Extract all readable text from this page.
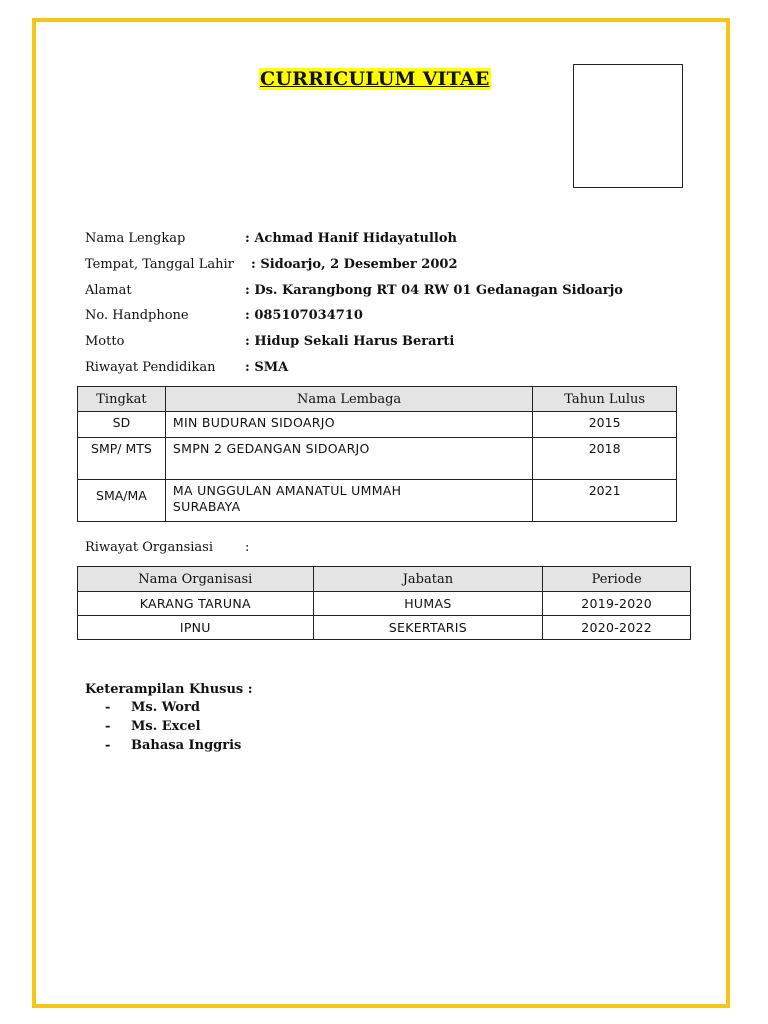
CURRICULUM VITAE
Nama Lengkap	: Achmad Hanif Hidayatulloh
Tempat, Tanggal Lahir : Sidoarjo, 2 Desember 2002
Alamat	: Ds. Karangbong RT 04 RW 01 Gedanagan Sidoarjo
No. Handphone	: 085107034710
Motto	: Hidup Sekali Harus Berarti
Riwayat Pendidikan : SMA
Tingkat	Nama Lembaga	Tahun Lulus
SD	MIN BUDURAN SIDOARJO	2015
SMP/ MTS	SMPN 2 GEDANGAN SIDOARJO	2018
SMA/MA	MA UNGGULAN AMANATUL UMMAH SURABAYA	2021
Riwayat Organsiasi :
Nama Organisasi	Jabatan	Periode
KARANG TARUNA	HUMAS	2019-2020
IPNU	SEKERTARIS	2020-2022
Keterampilan Khusus :
- Ms. Word
- Ms. Excel
- Bahasa Inggris
